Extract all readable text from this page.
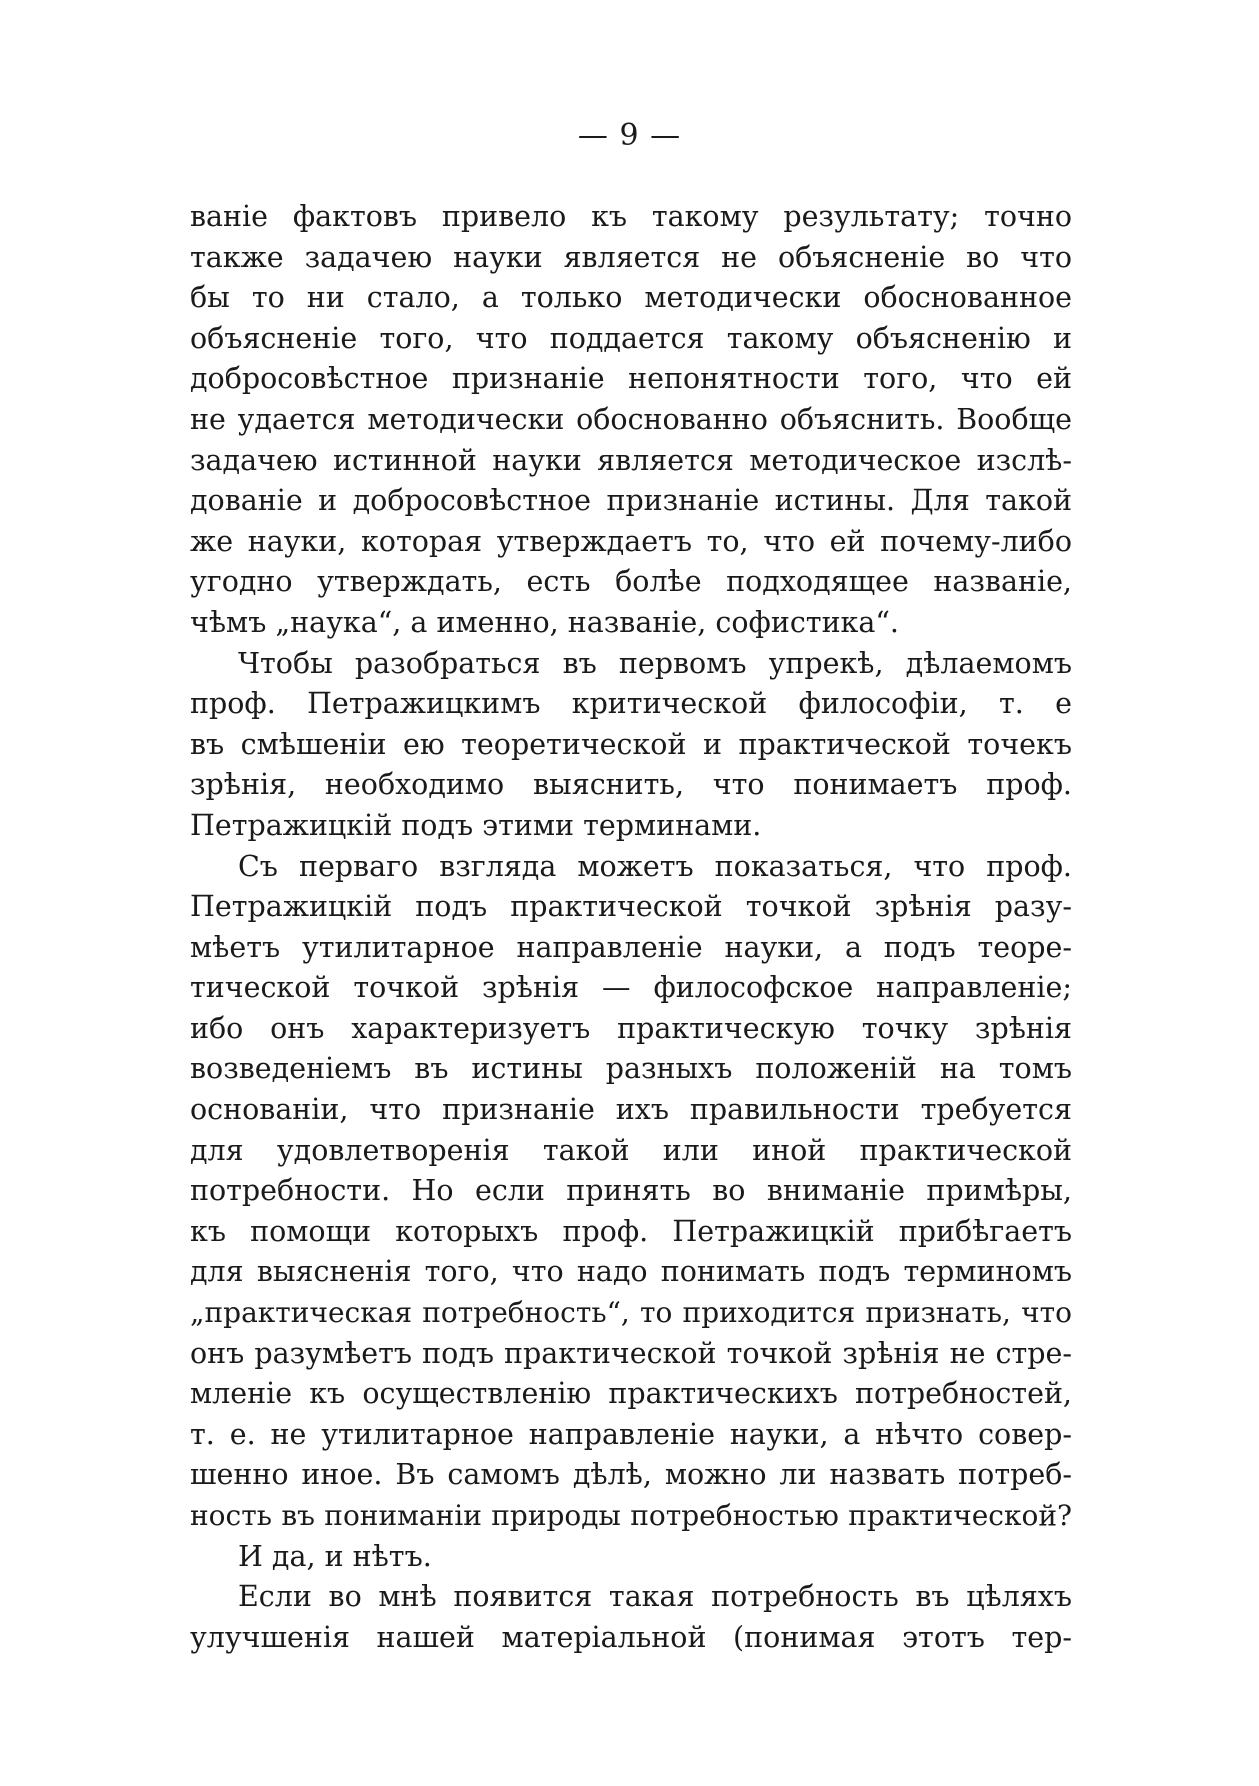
— 9 —
ваніе фактовъ привело къ такому результату; точно
также задачею науки является не объясненіе во что
бы то ни стало, а только методически обоснованное
объясненіе того, что поддается такому объясненію и
добросовѣстное признаніе непонятности того, что ей
не удается методически обоснованно объяснить. Вообще
задачею истинной науки является методическое изслѣ-
дованіе и добросовѣстное признаніе истины. Для такой
же науки, которая утверждаетъ то, что ей почему-либо
угодно утверждать, есть болѣе подходящее названіе,
чѣмъ „наука“, а именно, названіе, софистика“.
Чтобы разобраться въ первомъ упрекѣ, дѣлаемомъ
проф. Петражицкимъ критической философіи, т. е
въ смѣшеніи ею теоретической и практической точекъ
зрѣнія, необходимо выяснить, что понимаетъ проф.
Петражицкій подъ этими терминами.
Съ перваго взгляда можетъ показаться, что проф.
Петражицкій подъ практической точкой зрѣнія разу-
мѣетъ утилитарное направленіе науки, а подъ теоре-
тической точкой зрѣнія — философское направленіе;
ибо онъ характеризуетъ практическую точку зрѣнія
возведеніемъ въ истины разныхъ положеній на томъ
основаніи, что признаніе ихъ правильности требуется
для удовлетворенія такой или иной практической
потребности. Но если принять во вниманіе примѣры,
къ помощи которыхъ проф. Петражицкій прибѣгаетъ
для выясненія того, что надо понимать подъ терминомъ
„практическая потребность“, то приходится признать, что
онъ разумѣетъ подъ практической точкой зрѣнія не стре-
мленіе къ осуществленію практическихъ потребностей,
т. е. не утилитарное направленіе науки, а нѣчто совер-
шенно иное. Въ самомъ дѣлѣ, можно ли назвать потреб-
ность въ пониманіи природы потребностью практической?
И да, и нѣтъ.
Если во мнѣ появится такая потребность въ цѣляхъ
улучшенія нашей матеріальной (понимая этотъ тер-
